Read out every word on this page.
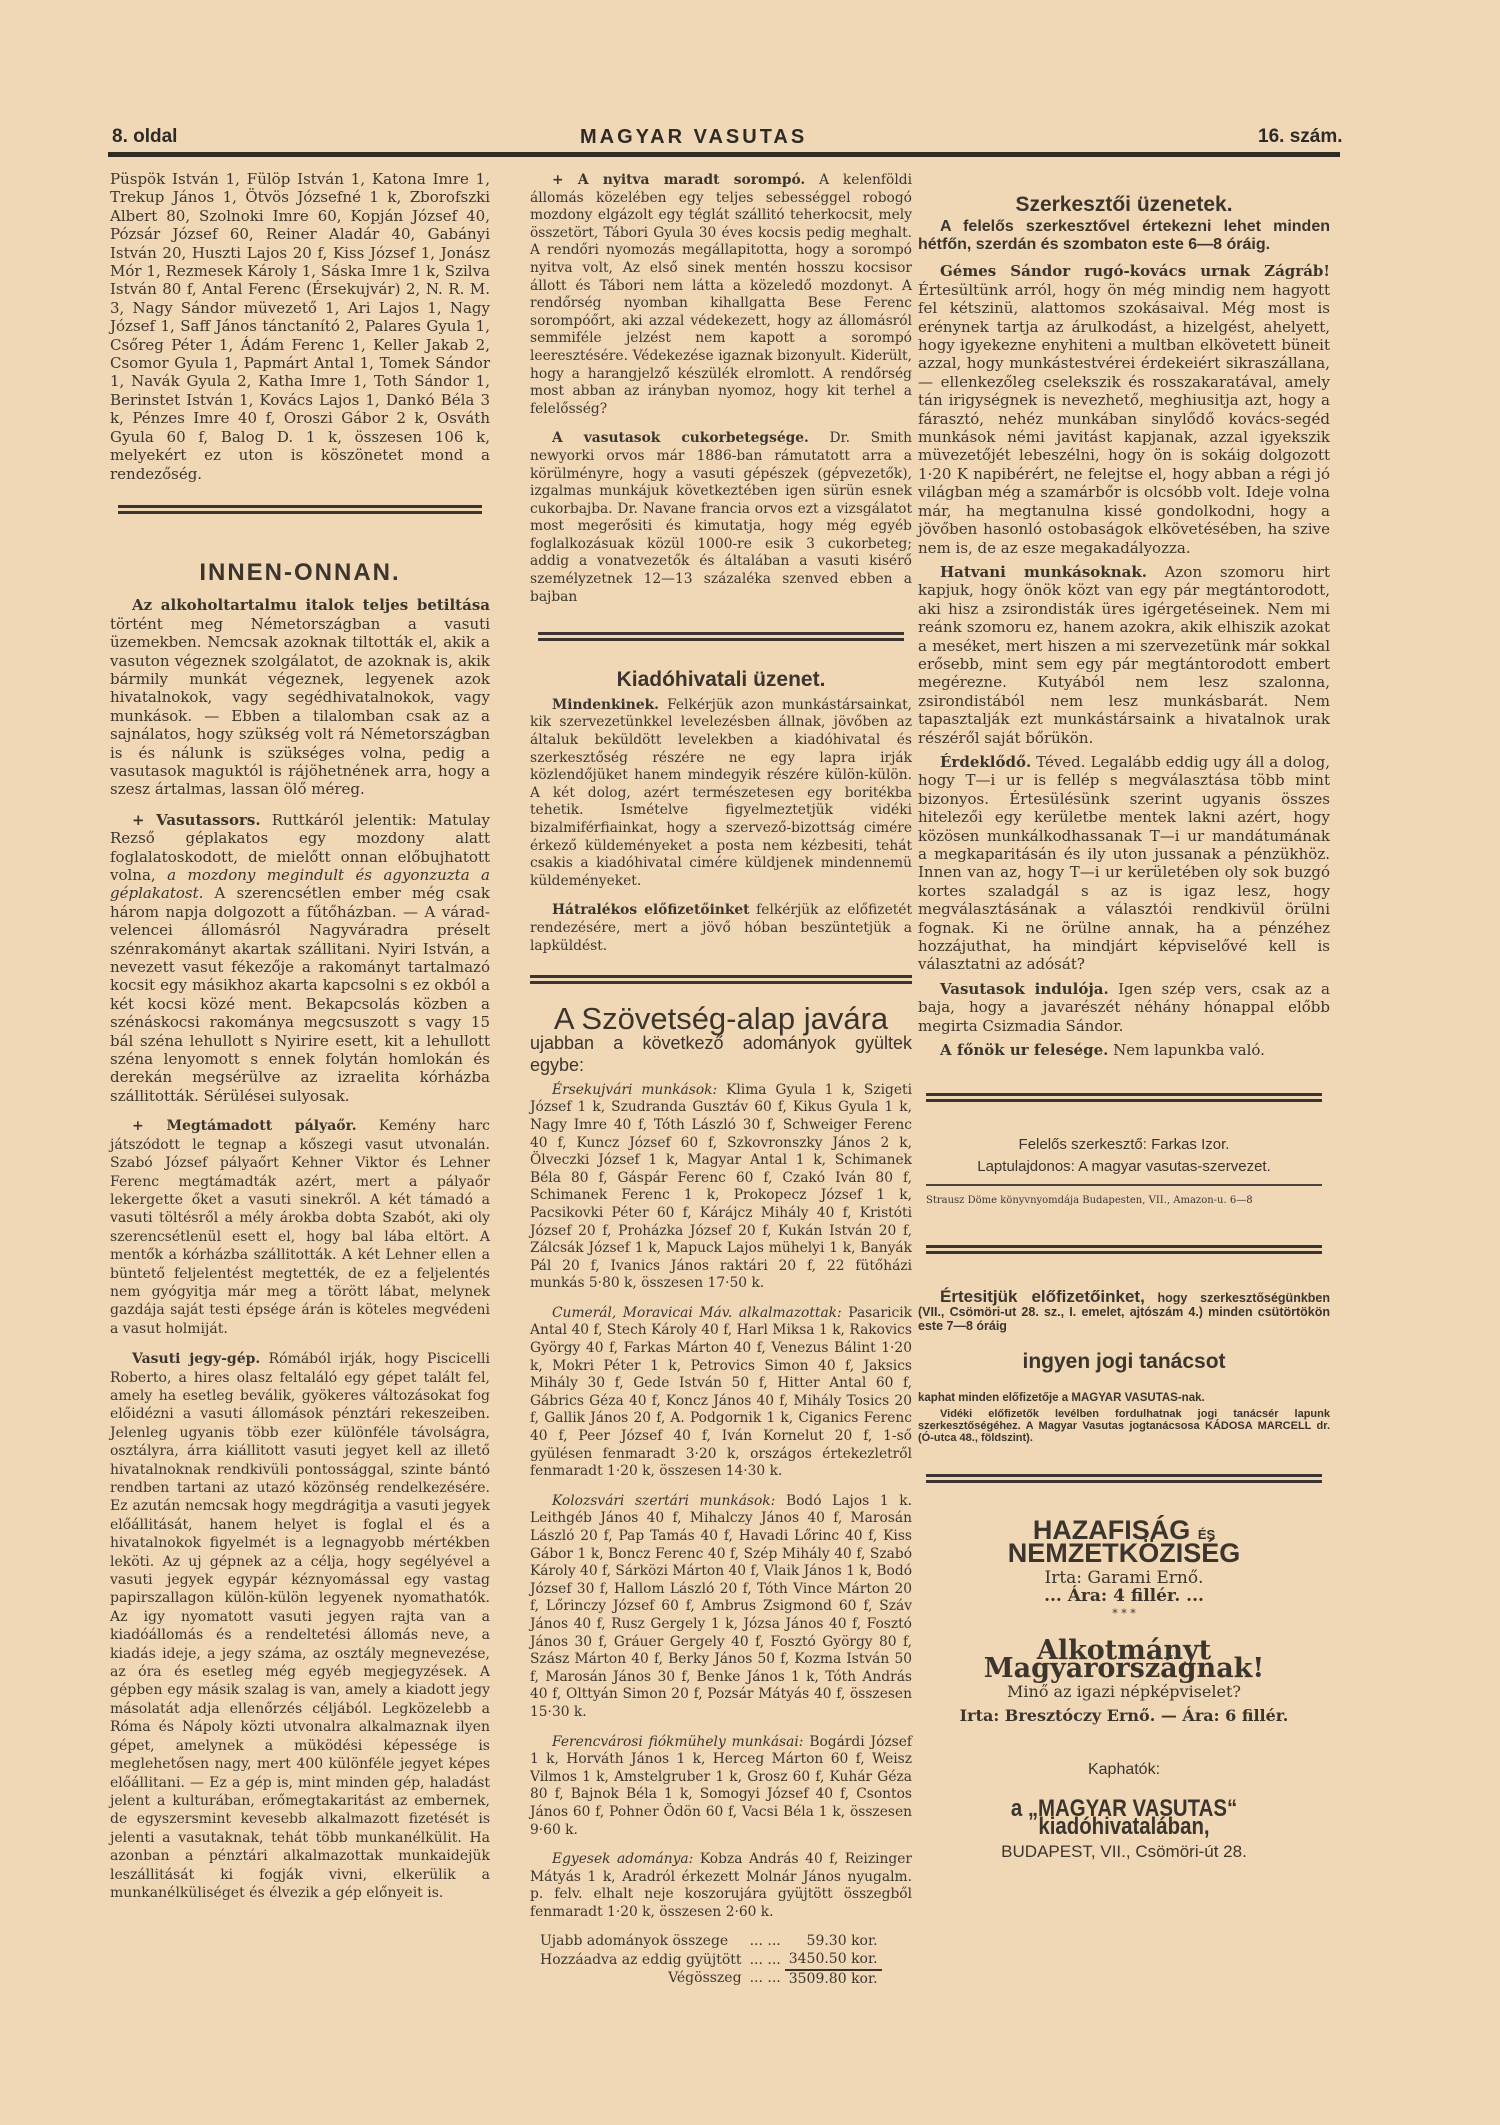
8. oldal	MAGYAR VASUTAS	16. szám.

Püspök István 1, Fülöp István 1, Katona Imre 1, Trekup János 1, Ötvös Józsefné 1 k, Zborofszki Albert 80, Szolnoki Imre 60, Kopján József 40, Pózsár József 60, Reiner Aladár 40, Gabányi István 20, Huszti Lajos 20 f, Kiss József 1, Jonász Mór 1, Rezmesek Károly 1, Sáska Imre 1 k, Szilva István 80 f, Antal Ferenc (Érsekujvár) 2, N. R. M. 3, Nagy Sándor müvezető 1, Ari Lajos 1, Nagy József 1, Saff János tánctanító 2, Palares Gyula 1, Csőreg Péter 1, Ádám Ferenc 1, Keller Jakab 2, Csomor Gyula 1, Papmárt Antal 1, Tomek Sándor 1, Navák Gyula 2, Katha Imre 1, Toth Sándor 1, Berinstet István 1, Kovács Lajos 1, Dankó Béla 3 k, Pénzes Imre 40 f, Oroszi Gábor 2 k, Osváth Gyula 60 f, Balog D. 1 k, összesen 106 k, melyekért ez uton is köszönetet mond a rendezőség.

INNEN-ONNAN.

Az alkoholtartalmu italok teljes betiltása történt meg Németországban a vasuti üzemekben. Nemcsak azoknak tiltották el, akik a vasuton végeznek szolgálatot, de azoknak is, akik bármily munkát végeznek, legyenek azok hivatalnokok, vagy segédhivatalnokok, vagy munkások. — Ebben a tilalomban csak az a sajnálatos, hogy szükség volt rá Németországban is és nálunk is szükséges volna, pedig a vasutasok maguktól is rájöhetnének arra, hogy a szesz ártalmas, lassan ölő méreg.

+ Vasutassors. Ruttkáról jelentik: Matulay Rezső géplakatos egy mozdony alatt foglalatoskodott, de mielőtt onnan előbujhatott volna, a mozdony megindult és agyonzuzta a géplakatost. A szerencsétlen ember még csak három napja dolgozott a fűtőházban. — A várad-velencei állomásról Nagyváradra préselt szénrakományt akartak szállitani. Nyiri István, a nevezett vasut fékezője a rakományt tartalmazó kocsit egy másikhoz akarta kapcsolni s ez okból a két kocsi közé ment. Bekapcsolás közben a szénáskocsi rakománya megcsuszott s vagy 15 bál széna lehullott s Nyirire esett, kit a lehullott széna lenyomott s ennek folytán homlokán és derekán megsérülve az izraelita kórházba szállitották. Sérülései sulyosak.

+ Megtámadott pályaőr. Kemény harc játszódott le tegnap a kőszegi vasut utvonalán. Szabó József pályaőrt Kehner Viktor és Lehner Ferenc megtámadták azért, mert a pályaőr lekergette őket a vasuti sinekről. A két támadó a vasuti töltésről a mély árokba dobta Szabót, aki oly szerencsétlenül esett el, hogy bal lába eltört. A mentők a kórházba szállitották. A két Lehner ellen a büntető feljelentést megtették, de ez a feljelentés nem gyógyitja már meg a törött lábat, melynek gazdája saját testi épsége árán is köteles megvédeni a vasut holmiját.

Vasuti jegy-gép. Rómából irják, hogy Piscicelli Roberto, a hires olasz feltaláló egy gépet talált fel, amely ha esetleg beválik, gyökeres változásokat fog előidézni a vasuti állomások pénztári rekeszeiben. Jelenleg ugyanis több ezer különféle távolságra, osztályra, árra kiállitott vasuti jegyet kell az illető hivatalnoknak rendkivüli pontossággal, szinte bántó rendben tartani az utazó közönség rendelkezésére. Ez azután nemcsak hogy megdrágitja a vasuti jegyek előállitását, hanem helyet is foglal el és a hivatalnokok figyelmét is a legnagyobb mértékben leköti. Az uj gépnek az a célja, hogy segélyével a vasuti jegyek egypár kéznyomással egy vastag papirszallagon külön-külön legyenek nyomathatók. Az igy nyomatott vasuti jegyen rajta van a kiadóállomás és a rendeltetési állomás neve, a kiadás ideje, a jegy száma, az osztály megnevezése, az óra és esetleg még egyéb megjegyzések. A gépben egy másik szalag is van, amely a kiadott jegy másolatát adja ellenőrzés céljából. Legközelebb a Róma és Nápoly közti utvonalra alkalmaznak ilyen gépet, amelynek a müködési képessége is meglehetősen nagy, mert 400 különféle jegyet képes előállitani. — Ez a gép is, mint minden gép, haladást jelent a kulturában, erőmegtakaritást az embernek, de egyszersmint kevesebb alkalmazott fizetését is jelenti a vasutaknak, tehát több munkanélkülit. Ha azonban a pénztári alkalmazottak munkaidejük leszállitását ki fogják vivni, elkerülik a munkanélküliséget és élvezik a gép előnyeit is.

+ A nyitva maradt sorompó. A kelenföldi állomás közelében egy teljes sebességgel robogó mozdony elgázolt egy téglát szállitó teherkocsit, mely összetört, Tábori Gyula 30 éves kocsis pedig meghalt. A rendőri nyomozás megállapitotta, hogy a sorompó nyitva volt, Az első sinek mentén hosszu kocsisor állott és Tábori nem látta a közeledő mozdonyt. A rendőrség nyomban kihallgatta Bese Ferenc sorompóőrt, aki azzal védekezett, hogy az állomásról semmiféle jelzést nem kapott a sorompó leeresztésére. Védekezése igaznak bizonyult. Kiderült, hogy a harangjelző készülék elromlott. A rendőrség most abban az irányban nyomoz, hogy kit terhel a felelősség?

A vasutasok cukorbetegsége. Dr. Smith newyorki orvos már 1886-ban rámutatott arra a körülményre, hogy a vasuti gépészek (gépvezetők), izgalmas munkájuk következtében igen sürün esnek cukorbajba. Dr. Navane francia orvos ezt a vizsgálatot most megerősiti és kimutatja, hogy még egyéb foglalkozásuak közül 1000-re esik 3 cukorbeteg; addig a vonatvezetők és általában a vasuti kisérő személyzetnek 12—13 százaléka szenved ebben a bajban

Kiadóhivatali üzenet.

Mindenkinek. Felkérjük azon munkástársainkat, kik szervezetünkkel levelezésben állnak, jövőben az általuk beküldött levelekben a kiadóhivatal és szerkesztőség részére ne egy lapra irják közlendőjüket hanem mindegyik részére külön-külön. A két dolog, azért természetesen egy boritékba tehetik. Ismételve figyelmeztetjük vidéki bizalmiférfiainkat, hogy a szervező-bizottság cimére érkező küldeményeket a posta nem kézbesiti, tehát csakis a kiadóhivatal cimére küldjenek mindennemü küldeményeket.

Hátralékos előfizetőinket felkérjük az előfizetét rendezésére, mert a jövő hóban beszüntetjük a lapküldést.

A Szövetség-alap javára
ujabban a következő adományok gyültek egybe:

Érsekujvári munkások: Klima Gyula 1 k, Szigeti József 1 k, Szudranda Gusztáv 60 f, Kikus Gyula 1 k, Nagy Imre 40 f, Tóth László 30 f, Schweiger Ferenc 40 f, Kuncz József 60 f, Szkovronszky János 2 k, Ölveczki József 1 k, Magyar Antal 1 k, Schimanek Béla 80 f, Gáspár Ferenc 60 f, Czakó Iván 80 f, Schimanek Ferenc 1 k, Prokopecz József 1 k, Pacsikovki Péter 60 f, Kárájcz Mihály 40 f, Kristóti József 20 f, Proházka József 20 f, Kukán István 20 f, Zálcsák József 1 k, Mapuck Lajos mühelyi 1 k, Banyák Pál 20 f, Ivanics János raktári 20 f, 22 fütőházi munkás 5·80 k, összesen 17·50 k.

Cumerál, Moravicai Máv. alkalmazottak: Pasaricik Antal 40 f, Stech Károly 40 f, Harl Miksa 1 k, Rakovics György 40 f, Farkas Márton 40 f, Venezus Bálint 1·20 k, Mokri Péter 1 k, Petrovics Simon 40 f, Jaksics Mihály 30 f, Gede István 50 f, Hitter Antal 60 f, Gábrics Géza 40 f, Koncz János 40 f, Mihály Tosics 20 f, Gallik János 20 f, A. Podgornik 1 k, Ciganics Ferenc 40 f, Peer József 40 f, Iván Kornelut 20 f, 1-ső gyülésen fenmaradt 3·20 k, országos értekezletről fenmaradt 1·20 k, összesen 14·30 k.

Kolozsvári szertári munkások: Bodó Lajos 1 k. Leithgéb János 40 f, Mihalczy János 40 f, Marosán László 20 f, Pap Tamás 40 f, Havadi Lőrinc 40 f, Kiss Gábor 1 k, Boncz Ferenc 40 f, Szép Mihály 40 f, Szabó Károly 40 f, Sárközi Márton 40 f, Vlaik János 1 k, Bodó József 30 f, Hallom László 20 f, Tóth Vince Márton 20 f, Lőrinczy József 60 f, Ambrus Zsigmond 60 f, Száv János 40 f, Rusz Gergely 1 k, Józsa János 40 f, Fosztó János 30 f, Gráuer Gergely 40 f, Fosztó György 80 f, Szász Márton 40 f, Berky János 50 f, Kozma István 50 f, Marosán János 30 f, Benke János 1 k, Tóth András 40 f, Olttyán Simon 20 f, Pozsár Mátyás 40 f, összesen 15·30 k.

Ferencvárosi fiókmühely munkásai: Bogárdi József 1 k, Horváth János 1 k, Herceg Márton 60 f, Weisz Vilmos 1 k, Amstelgruber 1 k, Grosz 60 f, Kuhár Géza 80 f, Bajnok Béla 1 k, Somogyi József 40 f, Csontos János 60 f, Pohner Ödön 60 f, Vacsi Béla 1 k, összesen 9·60 k.

Egyesek adománya: Kobza András 40 f, Reizinger Mátyás 1 k, Aradról érkezett Molnár János nyugalm. p. felv. elhalt neje koszorujára gyüjtött összegből fenmaradt 1·20 k, összesen 2·60 k.

Ujabb adományok összege	... ...	59.30 kor.
Hozzáadva az eddig gyüjtött	... ...	3450.50 kor.
Végösszeg	... ...	3509.80 kor.
Szerkesztői üzenetek.

A felelős szerkesztővel értekezni lehet minden hétfőn, szerdán és szombaton este 6—8 óráig.

Gémes Sándor rugó-kovács urnak Zágráb! Értesültünk arról, hogy ön még mindig nem hagyott fel kétszinü, alattomos szokásaival. Még most is erénynek tartja az árulkodást, a hizelgést, ahelyett, hogy igyekezne enyhiteni a multban elkövetett büneit azzal, hogy munkástestvérei érdekeiért sikraszállana, — ellenkezőleg cselekszik és rosszakaratával, amely tán irigységnek is nevezhető, meghiusitja azt, hogy a fárasztó, nehéz munkában sinylődő kovács-segéd munkások némi javitást kapjanak, azzal igyekszik müvezetőjét lebeszélni, hogy ön is sokáig dolgozott 1·20 K napibérért, ne felejtse el, hogy abban a régi jó világban még a szamárbőr is olcsóbb volt. Ideje volna már, ha megtanulna kissé gondolkodni, hogy a jövőben hasonló ostobaságok elkövetésében, ha szive nem is, de az esze megakadályozza.

Hatvani munkásoknak. Azon szomoru hirt kapjuk, hogy önök közt van egy pár megtántorodott, aki hisz a zsirondisták üres igérgetéseinek. Nem mi reánk szomoru ez, hanem azokra, akik elhiszik azokat a meséket, mert hiszen a mi szervezetünk már sokkal erősebb, mint sem egy pár megtántorodott embert megérezne. Kutyából nem lesz szalonna, zsirondistából nem lesz munkásbarát. Nem tapasztalják ezt munkástársaink a hivatalnok urak részéről saját bőrükön.

Érdeklődő. Téved. Legalább eddig ugy áll a dolog, hogy T—i ur is fellép s megválasztása több mint bizonyos. Értesülésünk szerint ugyanis összes hitelezői egy kerületbe mentek lakni azért, hogy közösen munkálkodhassanak T—i ur mandátumának a megkaparitásán és ily uton jussanak a pénzükhöz. Innen van az, hogy T—i ur kerületében oly sok buzgó kortes szaladgál s az is igaz lesz, hogy megválasztásának a választói rendkivül örülni fognak. Ki ne örülne annak, ha a pénzéhez hozzájuthat, ha mindjárt képviselővé kell is választatni az adósát?

Vasutasok indulója. Igen szép vers, csak az a baja, hogy a javarészét néhány hónappal előbb megirta Csizmadia Sándor.

A főnök ur felesége. Nem lapunkba való.

Felelős szerkesztő: Farkas Izor.
Laptulajdonos: A magyar vasutas-szervezet.
Strausz Döme könyvnyomdája Budapesten, VII., Amazon-u. 6—8

Értesitjük előfizetőinket, hogy szerkesztőségünkben (VII., Csömöri-ut 28. sz., I. emelet, ajtószám 4.) minden csütörtökön este 7—8 óráig

ingyen jogi tanácsot
kaphat minden előfizetője a MAGYAR VASUTAS-nak.

Vidéki előfizetők levélben fordulhatnak jogi tanácsér lapunk szerkesztőségéhez. A Magyar Vasutas jogtanácsosa KÁDOSA MARCELL dr. (Ó-utca 48., földszint).

HAZAFISÁG ÉS NEMZETKÖZISÉG
Irta: Garami Ernő.
... Ára: 4 fillér. ...
* * *
Alkotmányt Magyarországnak!
Minő az igazi népképviselet?
Irta: Bresztóczy Ernő. — Ára: 6 fillér.
Kaphatók:
a „MAGYAR VASUTAS“ kiadóhivatalában,
BUDAPEST, VII., Csömöri-út 28.
